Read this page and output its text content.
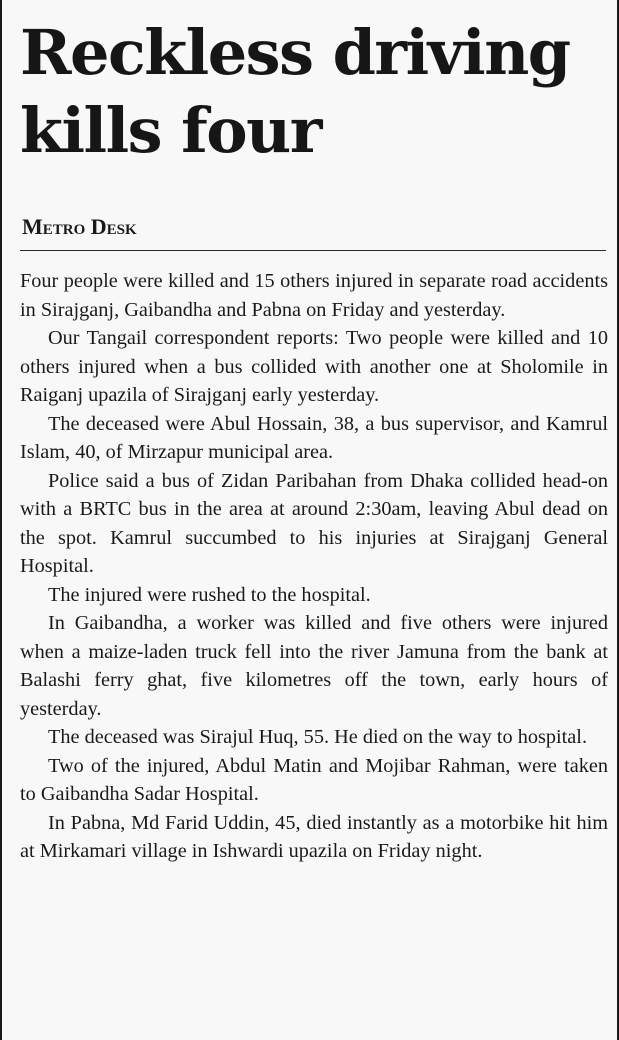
Reckless driving kills four
Metro Desk

Four people were killed and 15 others injured in separate road accidents in Sirajganj, Gaibandha and Pabna on Friday and yesterday.

Our Tangail correspondent reports: Two people were killed and 10 others injured when a bus collided with another one at Sholomile in Raiganj upazila of Sirajganj early yesterday.

The deceased were Abul Hossain, 38, a bus supervisor, and Kamrul Islam, 40, of Mirzapur municipal area.

Police said a bus of Zidan Paribahan from Dhaka collided head-on with a BRTC bus in the area at around 2:30am, leaving Abul dead on the spot. Kamrul succumbed to his injuries at Sirajganj General Hospital.

The injured were rushed to the hospital.

In Gaibandha, a worker was killed and five others were injured when a maize-laden truck fell into the river Jamuna from the bank at Balashi ferry ghat, five kilometres off the town, early hours of yesterday.

The deceased was Sirajul Huq, 55. He died on the way to hospital.

Two of the injured, Abdul Matin and Mojibar Rahman, were taken to Gaibandha Sadar Hospital.

In Pabna, Md Farid Uddin, 45, died instantly as a motorbike hit him at Mirkamari village in Ishwardi upazila on Friday night.
